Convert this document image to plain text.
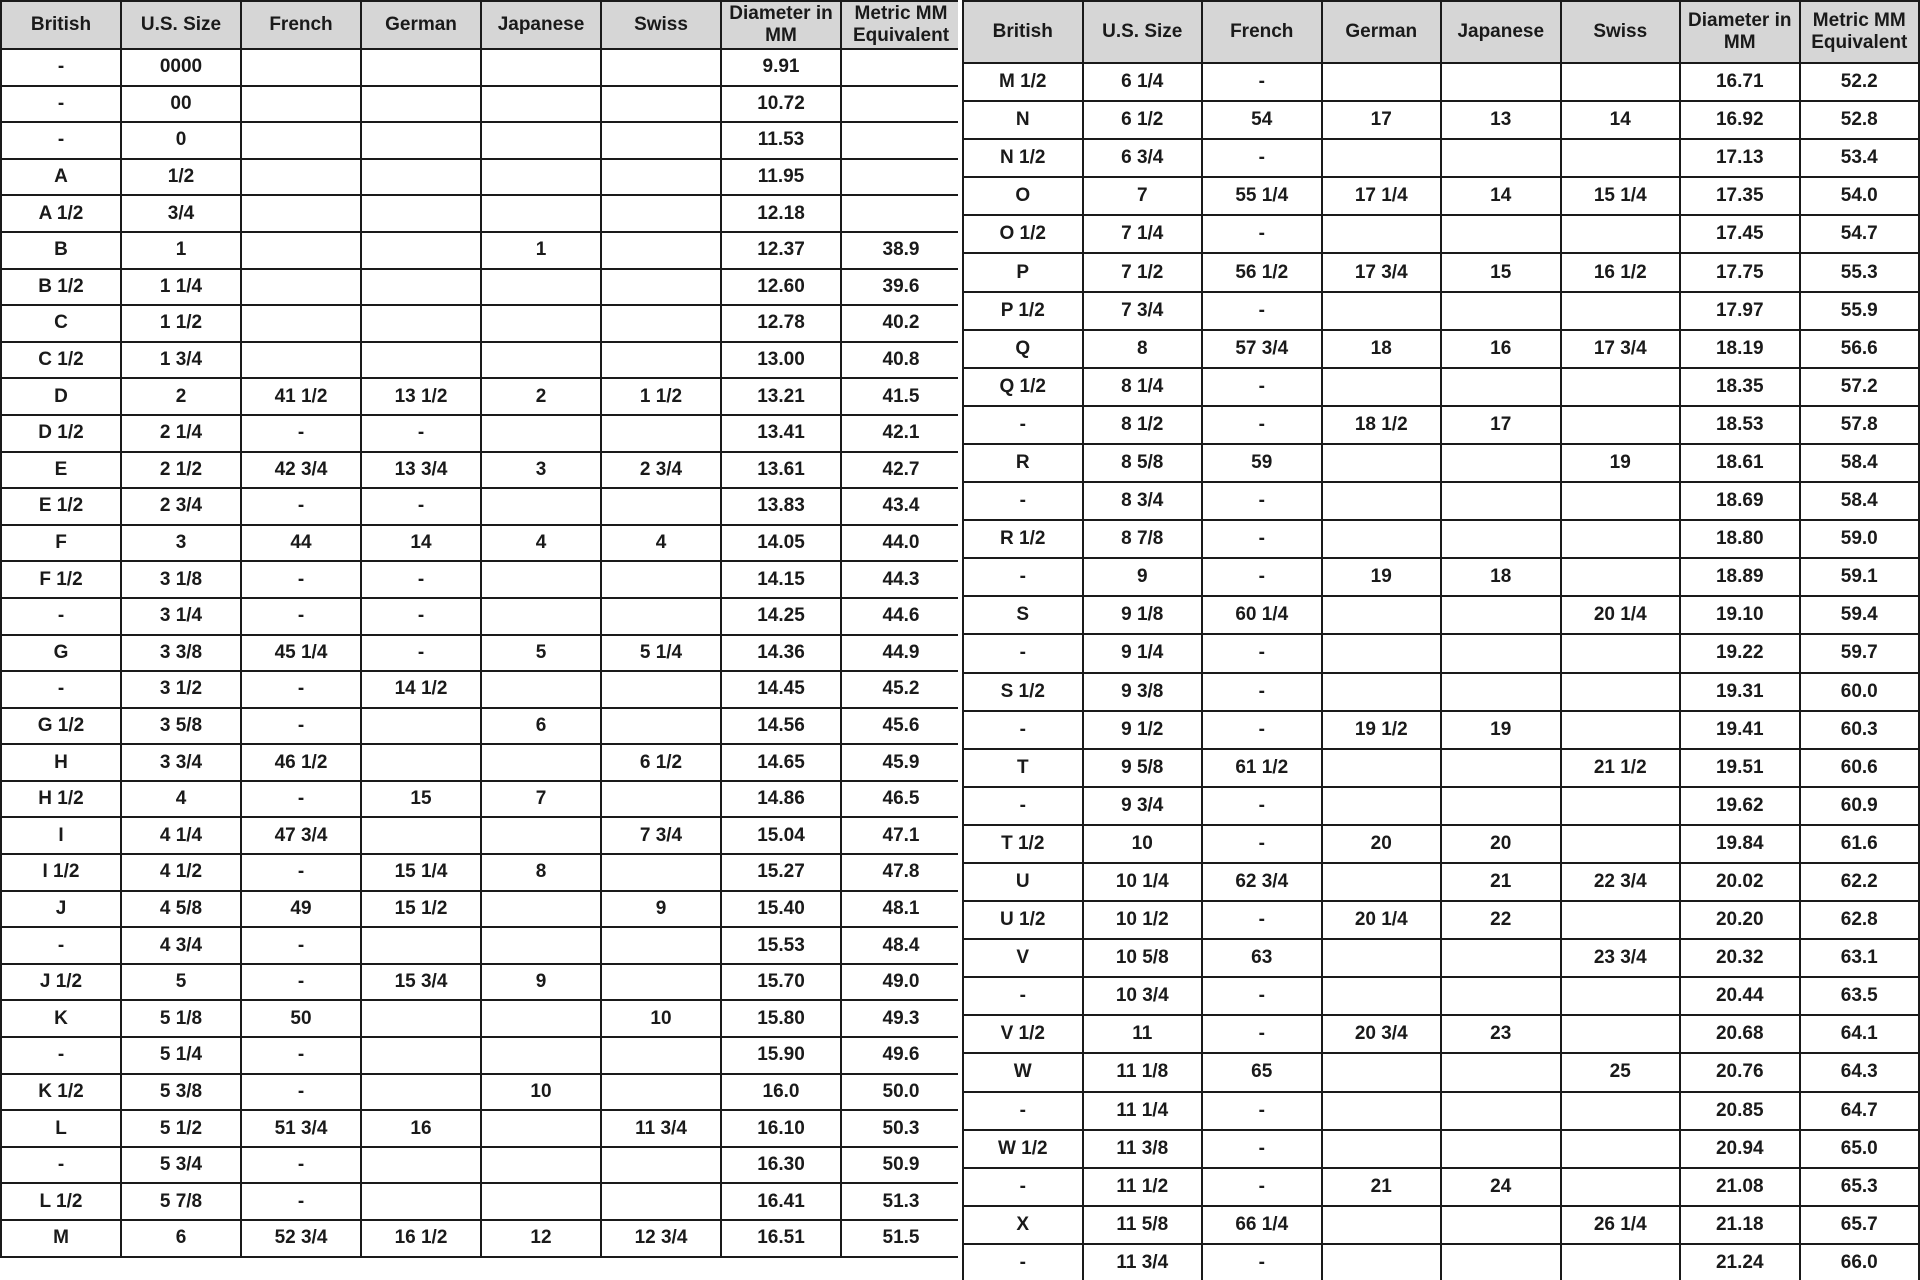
British	U.S. Size	French	German	Japanese	Swiss	Diameter in MM	Metric MM Equivalent
-	0000					9.91	
-	00					10.72	
-	0					11.53	
A	1/2					11.95	
A 1/2	3/4					12.18	
B	1			1		12.37	38.9
B 1/2	1 1/4					12.60	39.6
C	1 1/2					12.78	40.2
C 1/2	1 3/4					13.00	40.8
D	2	41 1/2	13 1/2	2	1 1/2	13.21	41.5
D 1/2	2 1/4	-	-			13.41	42.1
E	2 1/2	42 3/4	13 3/4	3	2 3/4	13.61	42.7
E 1/2	2 3/4	-	-			13.83	43.4
F	3	44	14	4	4	14.05	44.0
F 1/2	3 1/8	-	-			14.15	44.3
-	3 1/4	-	-			14.25	44.6
G	3 3/8	45 1/4	-	5	5 1/4	14.36	44.9
-	3 1/2	-	14 1/2			14.45	45.2
G 1/2	3 5/8	-		6		14.56	45.6
H	3 3/4	46 1/2			6 1/2	14.65	45.9
H 1/2	4	-	15	7		14.86	46.5
I	4 1/4	47 3/4			7 3/4	15.04	47.1
I 1/2	4 1/2	-	15 1/4	8		15.27	47.8
J	4 5/8	49	15 1/2		9	15.40	48.1
-	4 3/4	-				15.53	48.4
J 1/2	5	-	15 3/4	9		15.70	49.0
K	5 1/8	50			10	15.80	49.3
-	5 1/4	-				15.90	49.6
K 1/2	5 3/8	-		10		16.0	50.0
L	5 1/2	51 3/4	16		11 3/4	16.10	50.3
-	5 3/4	-				16.30	50.9
L 1/2	5 7/8	-				16.41	51.3
M	6	52 3/4	16 1/2	12	12 3/4	16.51	51.5
British	U.S. Size	French	German	Japanese	Swiss	Diameter in MM	Metric MM Equivalent
M 1/2	6 1/4	-				16.71	52.2
N	6 1/2	54	17	13	14	16.92	52.8
N 1/2	6 3/4	-				17.13	53.4
O	7	55 1/4	17 1/4	14	15 1/4	17.35	54.0
O 1/2	7 1/4	-				17.45	54.7
P	7 1/2	56 1/2	17 3/4	15	16 1/2	17.75	55.3
P 1/2	7 3/4	-				17.97	55.9
Q	8	57 3/4	18	16	17 3/4	18.19	56.6
Q 1/2	8 1/4	-				18.35	57.2
-	8 1/2	-	18 1/2	17		18.53	57.8
R	8 5/8	59			19	18.61	58.4
-	8 3/4	-				18.69	58.4
R 1/2	8 7/8	-				18.80	59.0
-	9	-	19	18		18.89	59.1
S	9 1/8	60 1/4			20 1/4	19.10	59.4
-	9 1/4	-				19.22	59.7
S 1/2	9 3/8	-				19.31	60.0
-	9 1/2	-	19 1/2	19		19.41	60.3
T	9 5/8	61 1/2			21 1/2	19.51	60.6
-	9 3/4	-				19.62	60.9
T 1/2	10	-	20	20		19.84	61.6
U	10 1/4	62 3/4		21	22 3/4	20.02	62.2
U 1/2	10 1/2	-	20 1/4	22		20.20	62.8
V	10 5/8	63			23 3/4	20.32	63.1
-	10 3/4	-				20.44	63.5
V 1/2	11	-	20 3/4	23		20.68	64.1
W	11 1/8	65			25	20.76	64.3
-	11 1/4	-				20.85	64.7
W 1/2	11 3/8	-				20.94	65.0
-	11 1/2	-	21	24		21.08	65.3
X	11 5/8	66 1/4			26 1/4	21.18	65.7
-	11 3/4	-				21.24	66.0
